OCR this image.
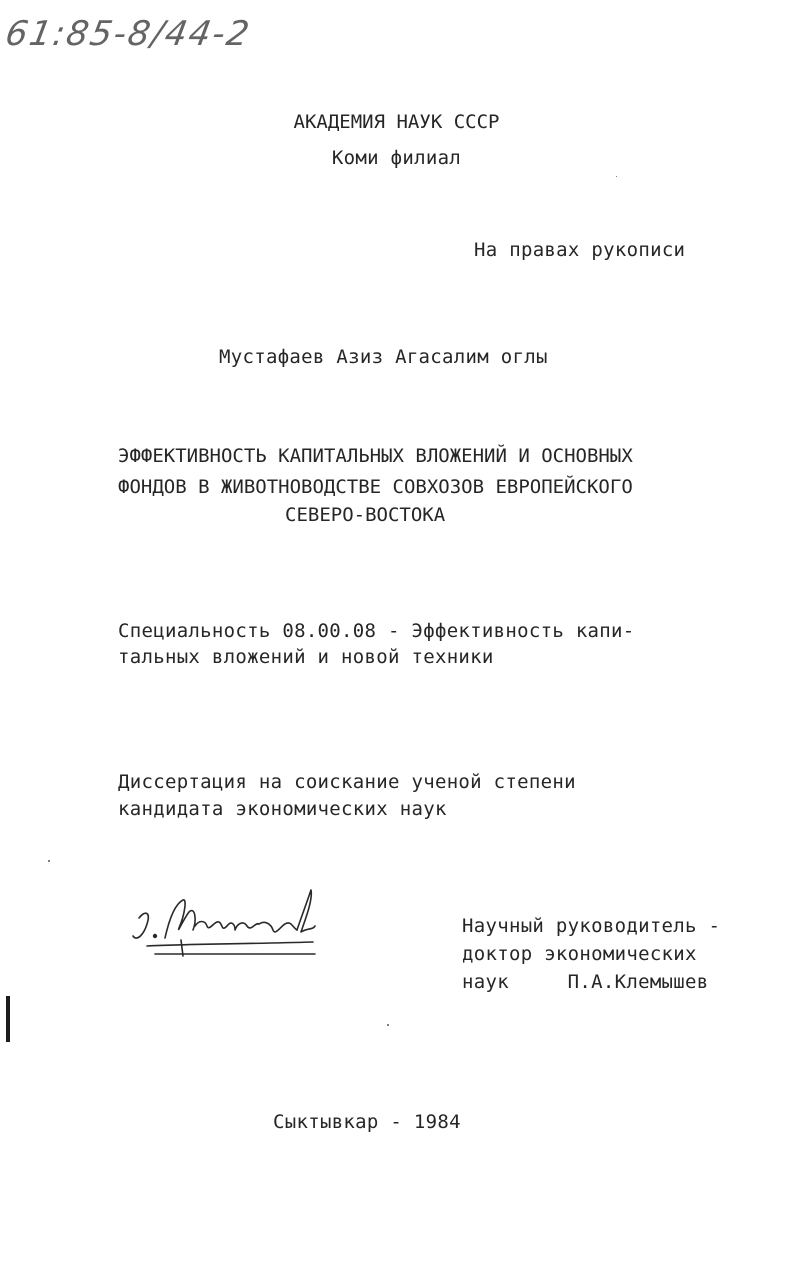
61:85-8/44-2
АКАДЕМИЯ НАУК СССР
Коми филиал
На правах рукописи
Мустафаев Азиз Агасалим оглы
ЭФФЕКТИВНОСТЬ КАПИТАЛЬНЫХ ВЛОЖЕНИЙ И ОСНОВНЫХ
ФОНДОВ В ЖИВОТНОВОДСТВЕ СОВХОЗОВ ЕВРОПЕЙСКОГО
СЕВЕРО-ВОСТОКА
Специальность 08.00.08 - Эффективность капи-
тальных вложений и новой техники
Диссертация на соискание ученой степени
кандидата экономических наук
Научный руководитель -
доктор экономических
наук     П.А.Клемышев
Сыктывкар - 1984
